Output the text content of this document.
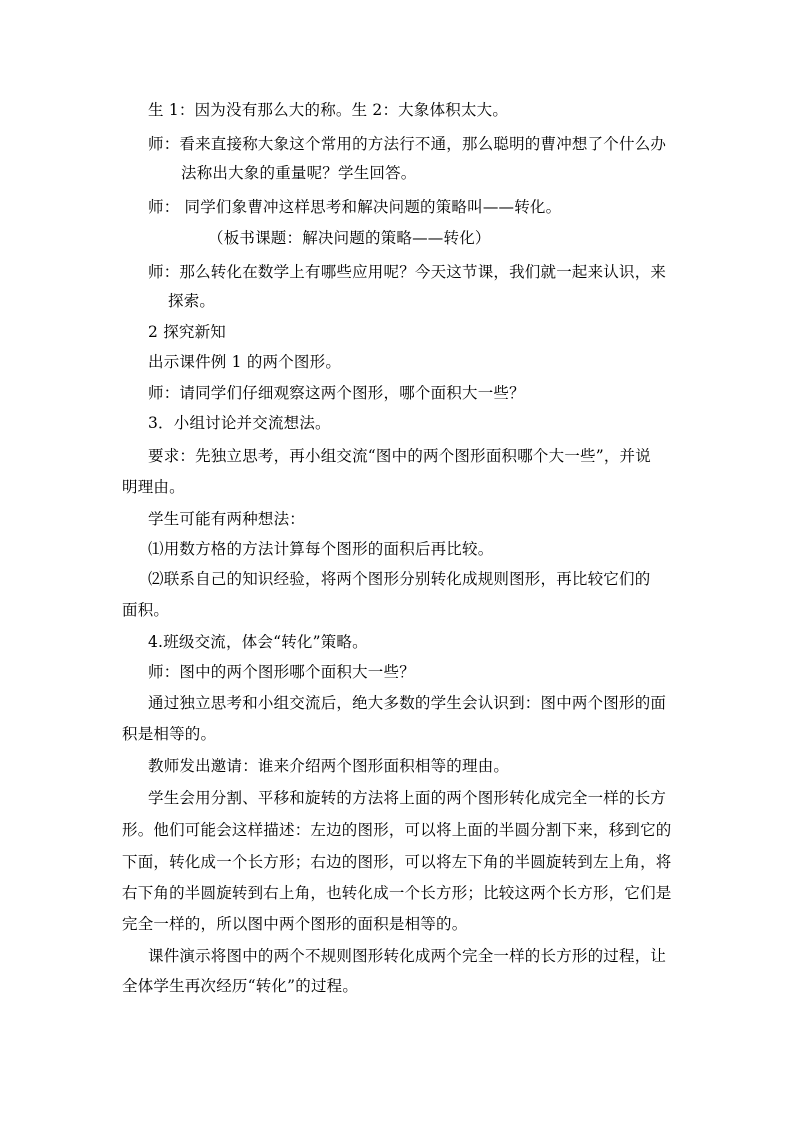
生 1：因为没有那么大的称。生 2：大象体积太大。
师：看来直接称大象这个常用的方法行不通，那么聪明的曹冲想了个什么办
法称出大象的重量呢？学生回答。
师： 同学们象曹冲这样思考和解决问题的策略叫——转化。
（板书课题：解决问题的策略——转化）
师：那么转化在数学上有哪些应用呢？今天这节课，我们就一起来认识，来
探索。
2 探究新知
出示课件例 1 的两个图形。
师：请同学们仔细观察这两个图形，哪个面积大一些？
3．小组讨论并交流想法。
要求：先独立思考，再小组交流“图中的两个图形面积哪个大一些”，并说
明理由。
学生可能有两种想法：
⑴用数方格的方法计算每个图形的面积后再比较。
⑵联系自己的知识经验，将两个图形分别转化成规则图形，再比较它们的
面积。
4.班级交流，体会“转化”策略。
师：图中的两个图形哪个面积大一些？
通过独立思考和小组交流后，绝大多数的学生会认识到：图中两个图形的面
积是相等的。
教师发出邀请：谁来介绍两个图形面积相等的理由。
学生会用分割、平移和旋转的方法将上面的两个图形转化成完全一样的长方
形。他们可能会这样描述：左边的图形，可以将上面的半圆分割下来，移到它的
下面，转化成一个长方形；右边的图形，可以将左下角的半圆旋转到左上角，将
右下角的半圆旋转到右上角，也转化成一个长方形；比较这两个长方形，它们是
完全一样的，所以图中两个图形的面积是相等的。
课件演示将图中的两个不规则图形转化成两个完全一样的长方形的过程，让
全体学生再次经历“转化”的过程。
